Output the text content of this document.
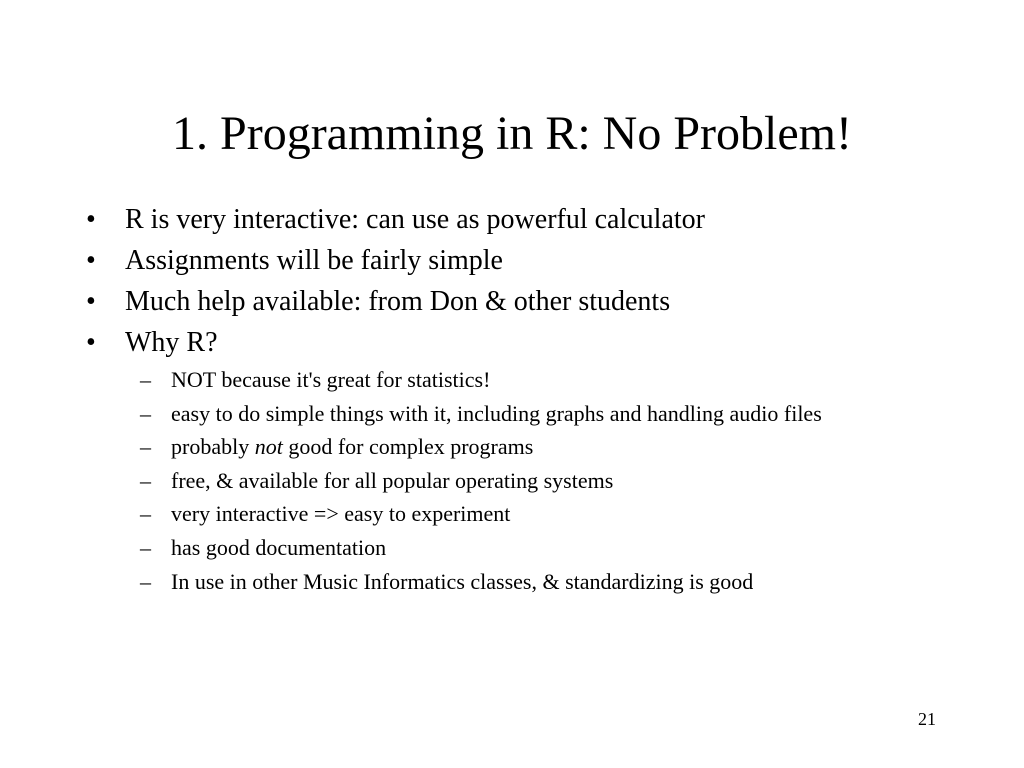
1. Programming in R: No Problem!
•	R is very interactive: can use as powerful calculator
•	Assignments will be fairly simple
•	Much help available: from Don & other students
•	Why R?
– NOT because it's great for statistics!
– easy to do simple things with it, including graphs and handling audio files
– probably not good for complex programs
– free, & available for all popular operating systems
– very interactive => easy to experiment
– has good documentation
– In use in other Music Informatics classes, & standardizing is good
21
